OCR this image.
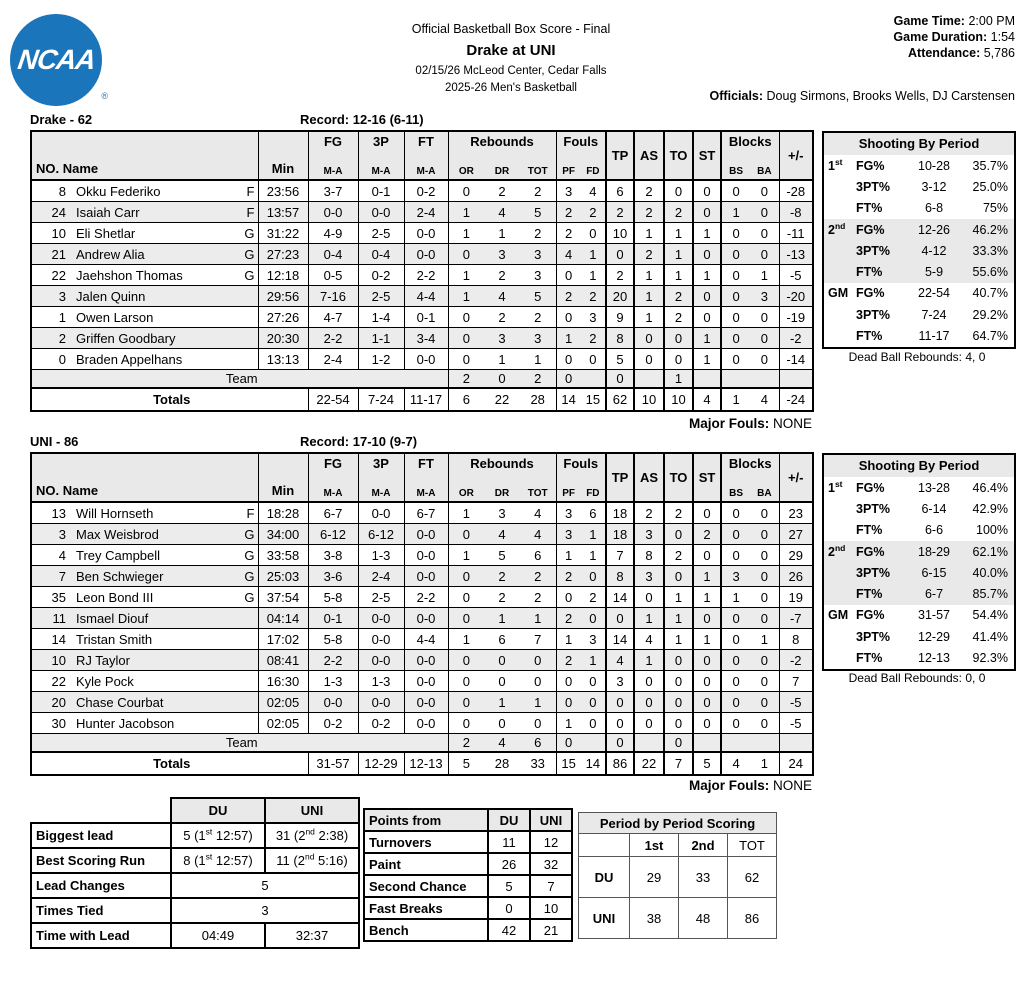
NCAA
®
Official Basketball Box Score - Final
Drake at UNI
02/15/26 McLeod Center, Cedar Falls
2025-26 Men's Basketball
Game Time: 2:00 PM
Game Duration: 1:54
Attendance: 5,786
Officials: Doug Sirmons, Brooks Wells, DJ Carstensen
Drake - 62	Record: 12-16 (6-11)
NO. Name	Min

FG
M-A

3P
M-A

FT
M-A

Rebounds
OR	DR	TOT

Fouls
PF	FD

TP	AS	TO	ST

Blocks
BS	BA

+/-

8 Okku Federiko F	23:56	3-7	0-1	0-2	0 2 2	3 4	6	2	0	0	0 0	-28

24 Isaiah Carr F	13:57	0-0	0-0	2-4	1 4 5	2 2	2	2	2	0	1 0	-8

10 Eli Shetlar G	31:22	4-9	2-5	0-0	1 1 2	2 0	10	1	1	1	0 0	-11

21 Andrew Alia G	27:23	0-4	0-4	0-0	0 3 3	4 1	0	2	1	0	0 0	-13

22 Jaehshon Thomas G	12:18	0-5	0-2	2-2	1 2 3	0 1	2	1	1	1	0 1	-5

3 Jalen Quinn	29:56	7-16	2-5	4-4	1 4 5	2 2	20	1	2	0	0 3	-20

1 Owen Larson	27:26	4-7	1-4	0-1	0 2 2	0 3	9	1	2	0	0 0	-19

2 Griffen Goodbary	20:30	2-2	1-1	3-4	0 3 3	1 2	8	0	0	1	0 0	-2

0 Braden Appelhans	13:13	2-4	1-2	0-0	0 1 1	0 0	5	0	0	1	0 0	-14
Team					2 0 2	0	0		1		

Totals		22-54	7-24	11-17	6 22 28	14 15	62	10	10	4	1 4	-24
Shooting By Period
1st	FG%	10-28	35.7%
3PT%	3-12	25.0%
FT%	6-8	75%
2nd FG%	12-26	46.2%
3PT%	4-12	33.3%
FT%	5-9	55.6%
GM FG%	22-54	40.7%
3PT%	7-24	29.2%
FT%	11-17	64.7%
Dead Ball Rebounds: 4, 0
Major Fouls: NONE
UNI - 86	Record: 17-10 (9-7)
NO. Name	Min

FG
M-A

3P
M-A

FT
M-A

Rebounds
OR	DR	TOT

Fouls
PF	FD

TP	AS	TO	ST

Blocks
BS	BA

+/-

13 Will Hornseth F	18:28	6-7	0-0	6-7	1 3 4	3 6	18	2	2	0	0 0	23

3 Max Weisbrod G	34:00	6-12	6-12	0-0	0 4 4	3 1	18	3	0	2	0 0	27

4 Trey Campbell G	33:58	3-8	1-3	0-0	1 5 6	1 1	7	8	2	0	0 0	29

7 Ben Schwieger G	25:03	3-6	2-4	0-0	0 2 2	2 0	8	3	0	1	3 0	26

35 Leon Bond III G	37:54	5-8	2-5	2-2	0 2 2	0 2	14	0	1	1	1 0	19

11 Ismael Diouf	04:14	0-1	0-0	0-0	0 1 1	2 0	0	1	1	0	0 0	-7

14 Tristan Smith	17:02	5-8	0-0	4-4	1 6 7	1 3	14	4	1	1	0 1	8

10 RJ Taylor	08:41	2-2	0-0	0-0	0 0 0	2 1	4	1	0	0	0 0	-2

22 Kyle Pock	16:30	1-3	1-3	0-0	0 0 0	0 0	3	0	0	0	0 0	7

20 Chase Courbat	02:05	0-0	0-0	0-0	0 1 1	0 0	0	0	0	0	0 0	-5

30 Hunter Jacobson	02:05	0-2	0-2	0-0	0 0 0	1 0	0	0	0	0	0 0	-5
Team					2 4 6	0	0		0		

Totals		31-57	12-29	12-13	5 28 33	15 14	86	22	7	5	4 1	24
Shooting By Period
1st	FG%	13-28	46.4%
3PT%	6-14	42.9%
FT%	6-6	100%
2nd FG%	18-29	62.1%
3PT%	6-15	40.0%
FT%	6-7	85.7%
GM FG%	31-57	54.4%
3PT%	12-29	41.4%
FT%	12-13	92.3%
Dead Ball Rebounds: 0, 0
Major Fouls: NONE
	DU	UNI
Biggest lead	5 (1st 12:57)	31 (2nd 2:38)
Best Scoring Run	8 (1st 12:57)	11 (2nd 5:16)
Lead Changes	5	
Times Tied	3	
Time with Lead	04:49	32:37
Points from	DU	UNI
Turnovers	11	12
Paint	26	32
Second Chance	5	7
Fast Breaks	0	10
Bench	42	21
Period by Period Scoring			
	1st	2nd	TOT
DU	29	33	62
UNI	38	48	86
